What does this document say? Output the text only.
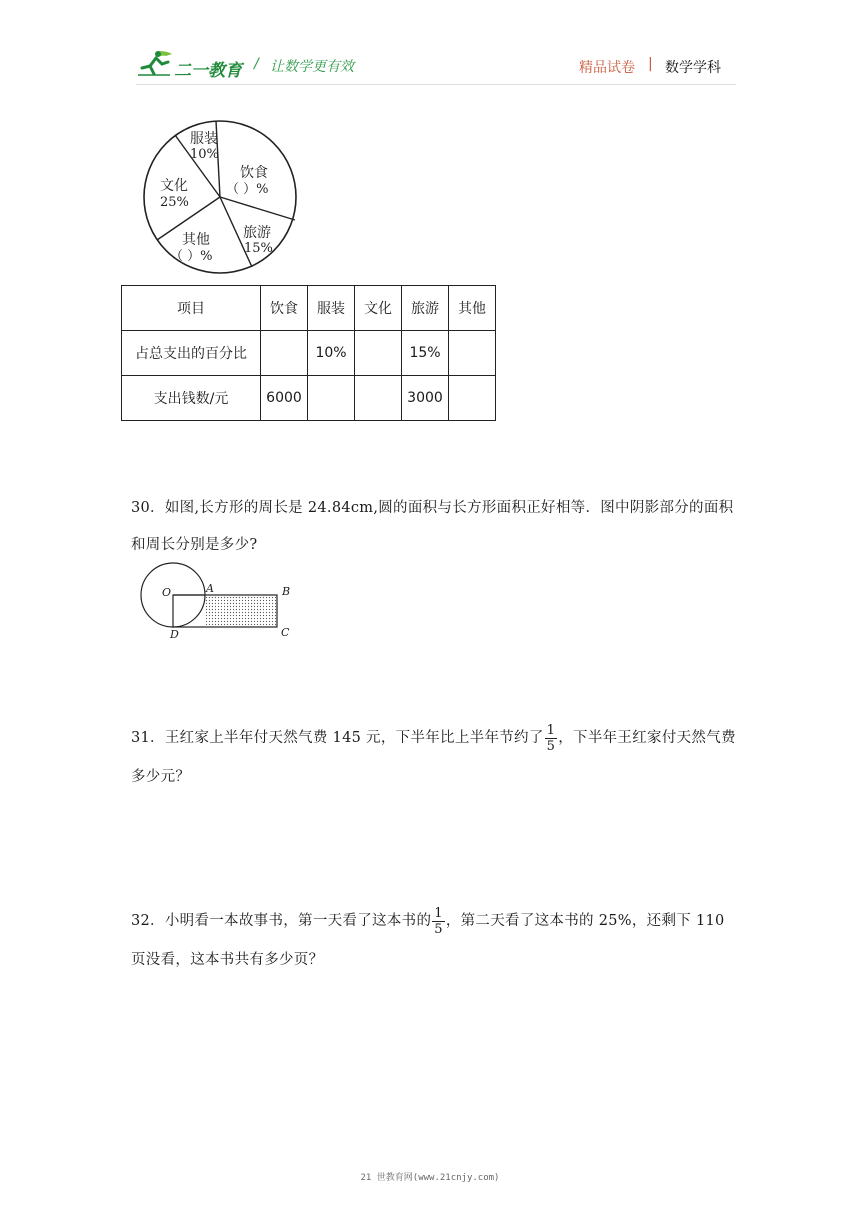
二一教育 / 让数学更有效	精品试卷 | 数学学科
服装
10%
饮食
（ ）%
旅游
15%
其他
（ ）%
文化
25%
项目	饮食	服装	文化	旅游	其他
占总支出的百分比		10%		15%	
支出钱数/元	6000			3000	
30．如图,长方形的周长是 24.84cm,圆的面积与长方形面积正好相等．图中阴影部分的面积
和周长分别是多少?
O	A	B
C
D
31．王红家上半年付天然气费 145 元，下半年比上半年节约了 $\frac{1}{5}$ ，下半年王红家付天然气费
多少元？
32．小明看一本故事书，第一天看了这本书的 $\frac{1}{5}$ ，第二天看了这本书的 25%，还剩下 110
页没看，这本书共有多少页？
21 世教育网(www.21cnjy.com)
